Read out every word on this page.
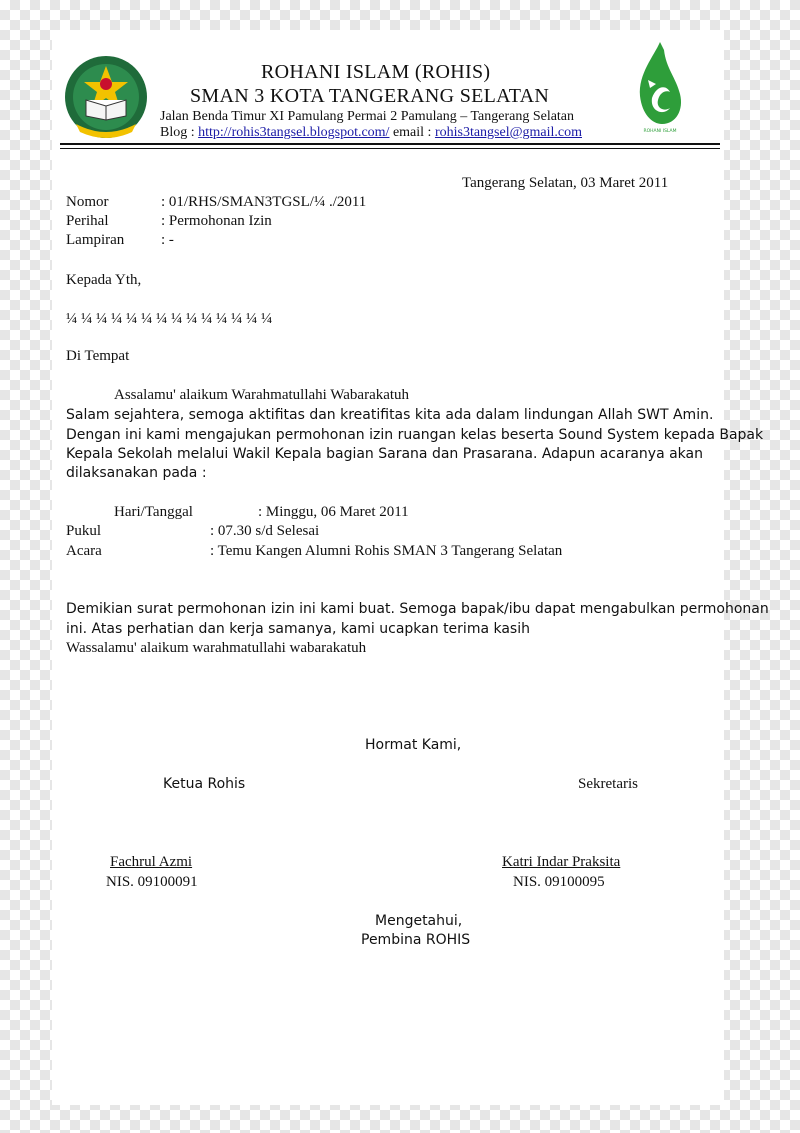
ROHANI ISLAM (ROHIS)
SMAN 3 KOTA TANGERANG SELATAN
Jalan Benda Timur XI Pamulang Permai 2 Pamulang – Tangerang Selatan
Blog : http://rohis3tangsel.blogspot.com/ email : rohis3tangsel@gmail.com	ROHANI ISLAM
Tangerang Selatan, 03 Maret 2011
Nomor	: 01/RHS/SMAN3TGSL/¼ ./2011
Perihal	: Permohonan Izin
Lampiran : -
Kepada Yth,
¼ ¼ ¼ ¼ ¼ ¼ ¼ ¼ ¼ ¼ ¼ ¼ ¼ ¼
Di Tempat
Assalamu' alaikum Warahmatullahi Wabarakatuh
Salam sejahtera, semoga aktifitas dan kreatifitas kita ada dalam lindungan Allah SWT Amin.
Dengan ini kami mengajukan permohonan izin ruangan kelas beserta Sound System kepada Bapak
Kepala Sekolah melalui Wakil Kepala bagian Sarana dan Prasarana. Adapun acaranya akan
dilaksanakan pada :
Hari/Tanggal	: Minggu, 06 Maret 2011
Pukul	: 07.30 s/d Selesai
Acara	: Temu Kangen Alumni Rohis SMAN 3 Tangerang Selatan
Demikian surat permohonan izin ini kami buat. Semoga bapak/ibu dapat mengabulkan permohonan
ini. Atas perhatian dan kerja samanya, kami ucapkan terima kasih
Wassalamu' alaikum warahmatullahi wabarakatuh
Hormat Kami,
Ketua Rohis	Sekretaris
Fachrul Azmi
NIS. 09100091
Katri Indar Praksita
NIS. 09100095
Mengetahui,
Pembina ROHIS
